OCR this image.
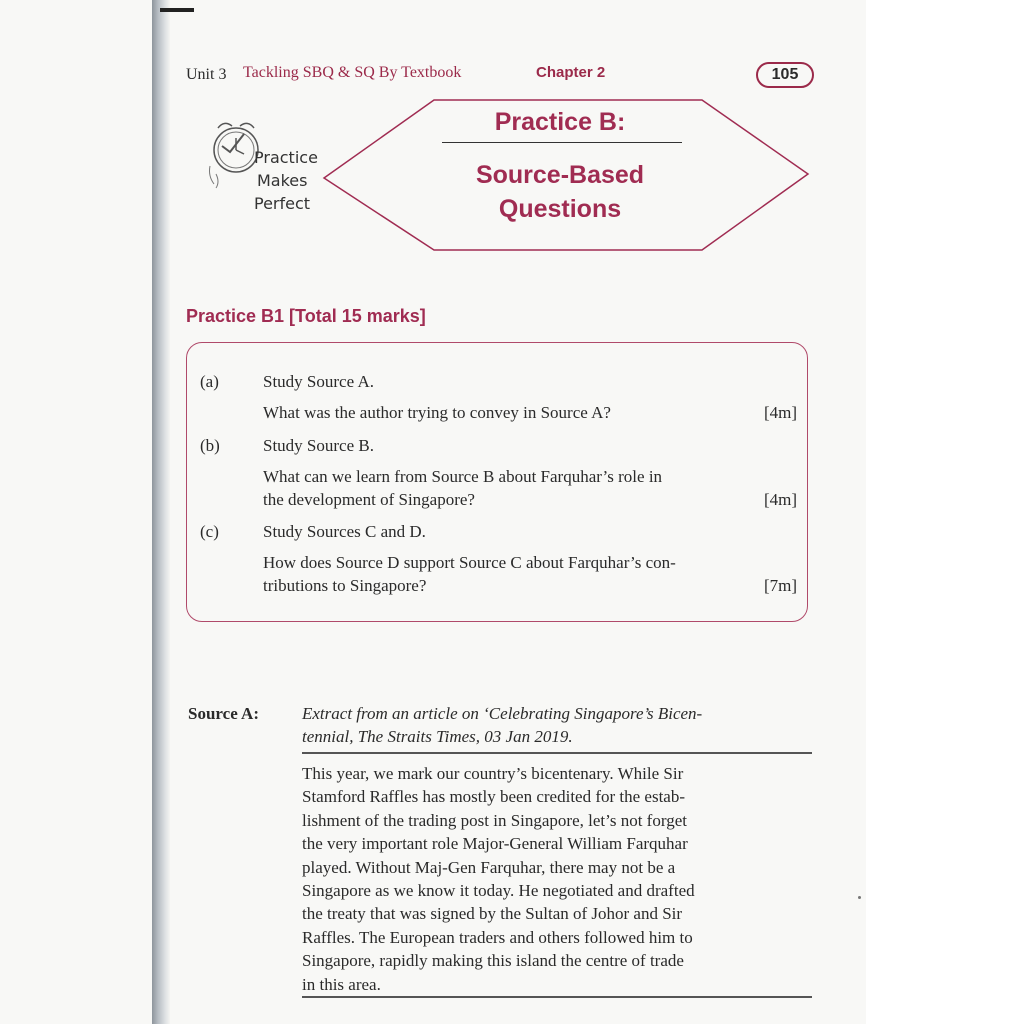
Unit 3 Tackling SBQ & SQ By Textbook	Chapter 2	105
Practice
Makes
Perfect
Practice B:
Source-Based
Questions
Practice B1 [Total 15 marks]
(a)	Study Source A.
What was the author trying to convey in Source A?	[4m]
(b)	Study Source B.
What can we learn from Source B about Farquhar’s role in
the development of Singapore?	[4m]
(c)	Study Sources C and D.
How does Source D support Source C about Farquhar’s con-
tributions to Singapore?	[7m]
Source A:	Extract from an article on ‘Celebrating Singapore’s Bicen-
tennial, The Straits Times, 03 Jan 2019.
This year, we mark our country’s bicentenary. While Sir
Stamford Raffles has mostly been credited for the estab-
lishment of the trading post in Singapore, let’s not forget
the very important role Major-General William Farquhar
played. Without Maj-Gen Farquhar, there may not be a
Singapore as we know it today. He negotiated and drafted
the treaty that was signed by the Sultan of Johor and Sir
Raffles. The European traders and others followed him to
Singapore, rapidly making this island the centre of trade
in this area.
